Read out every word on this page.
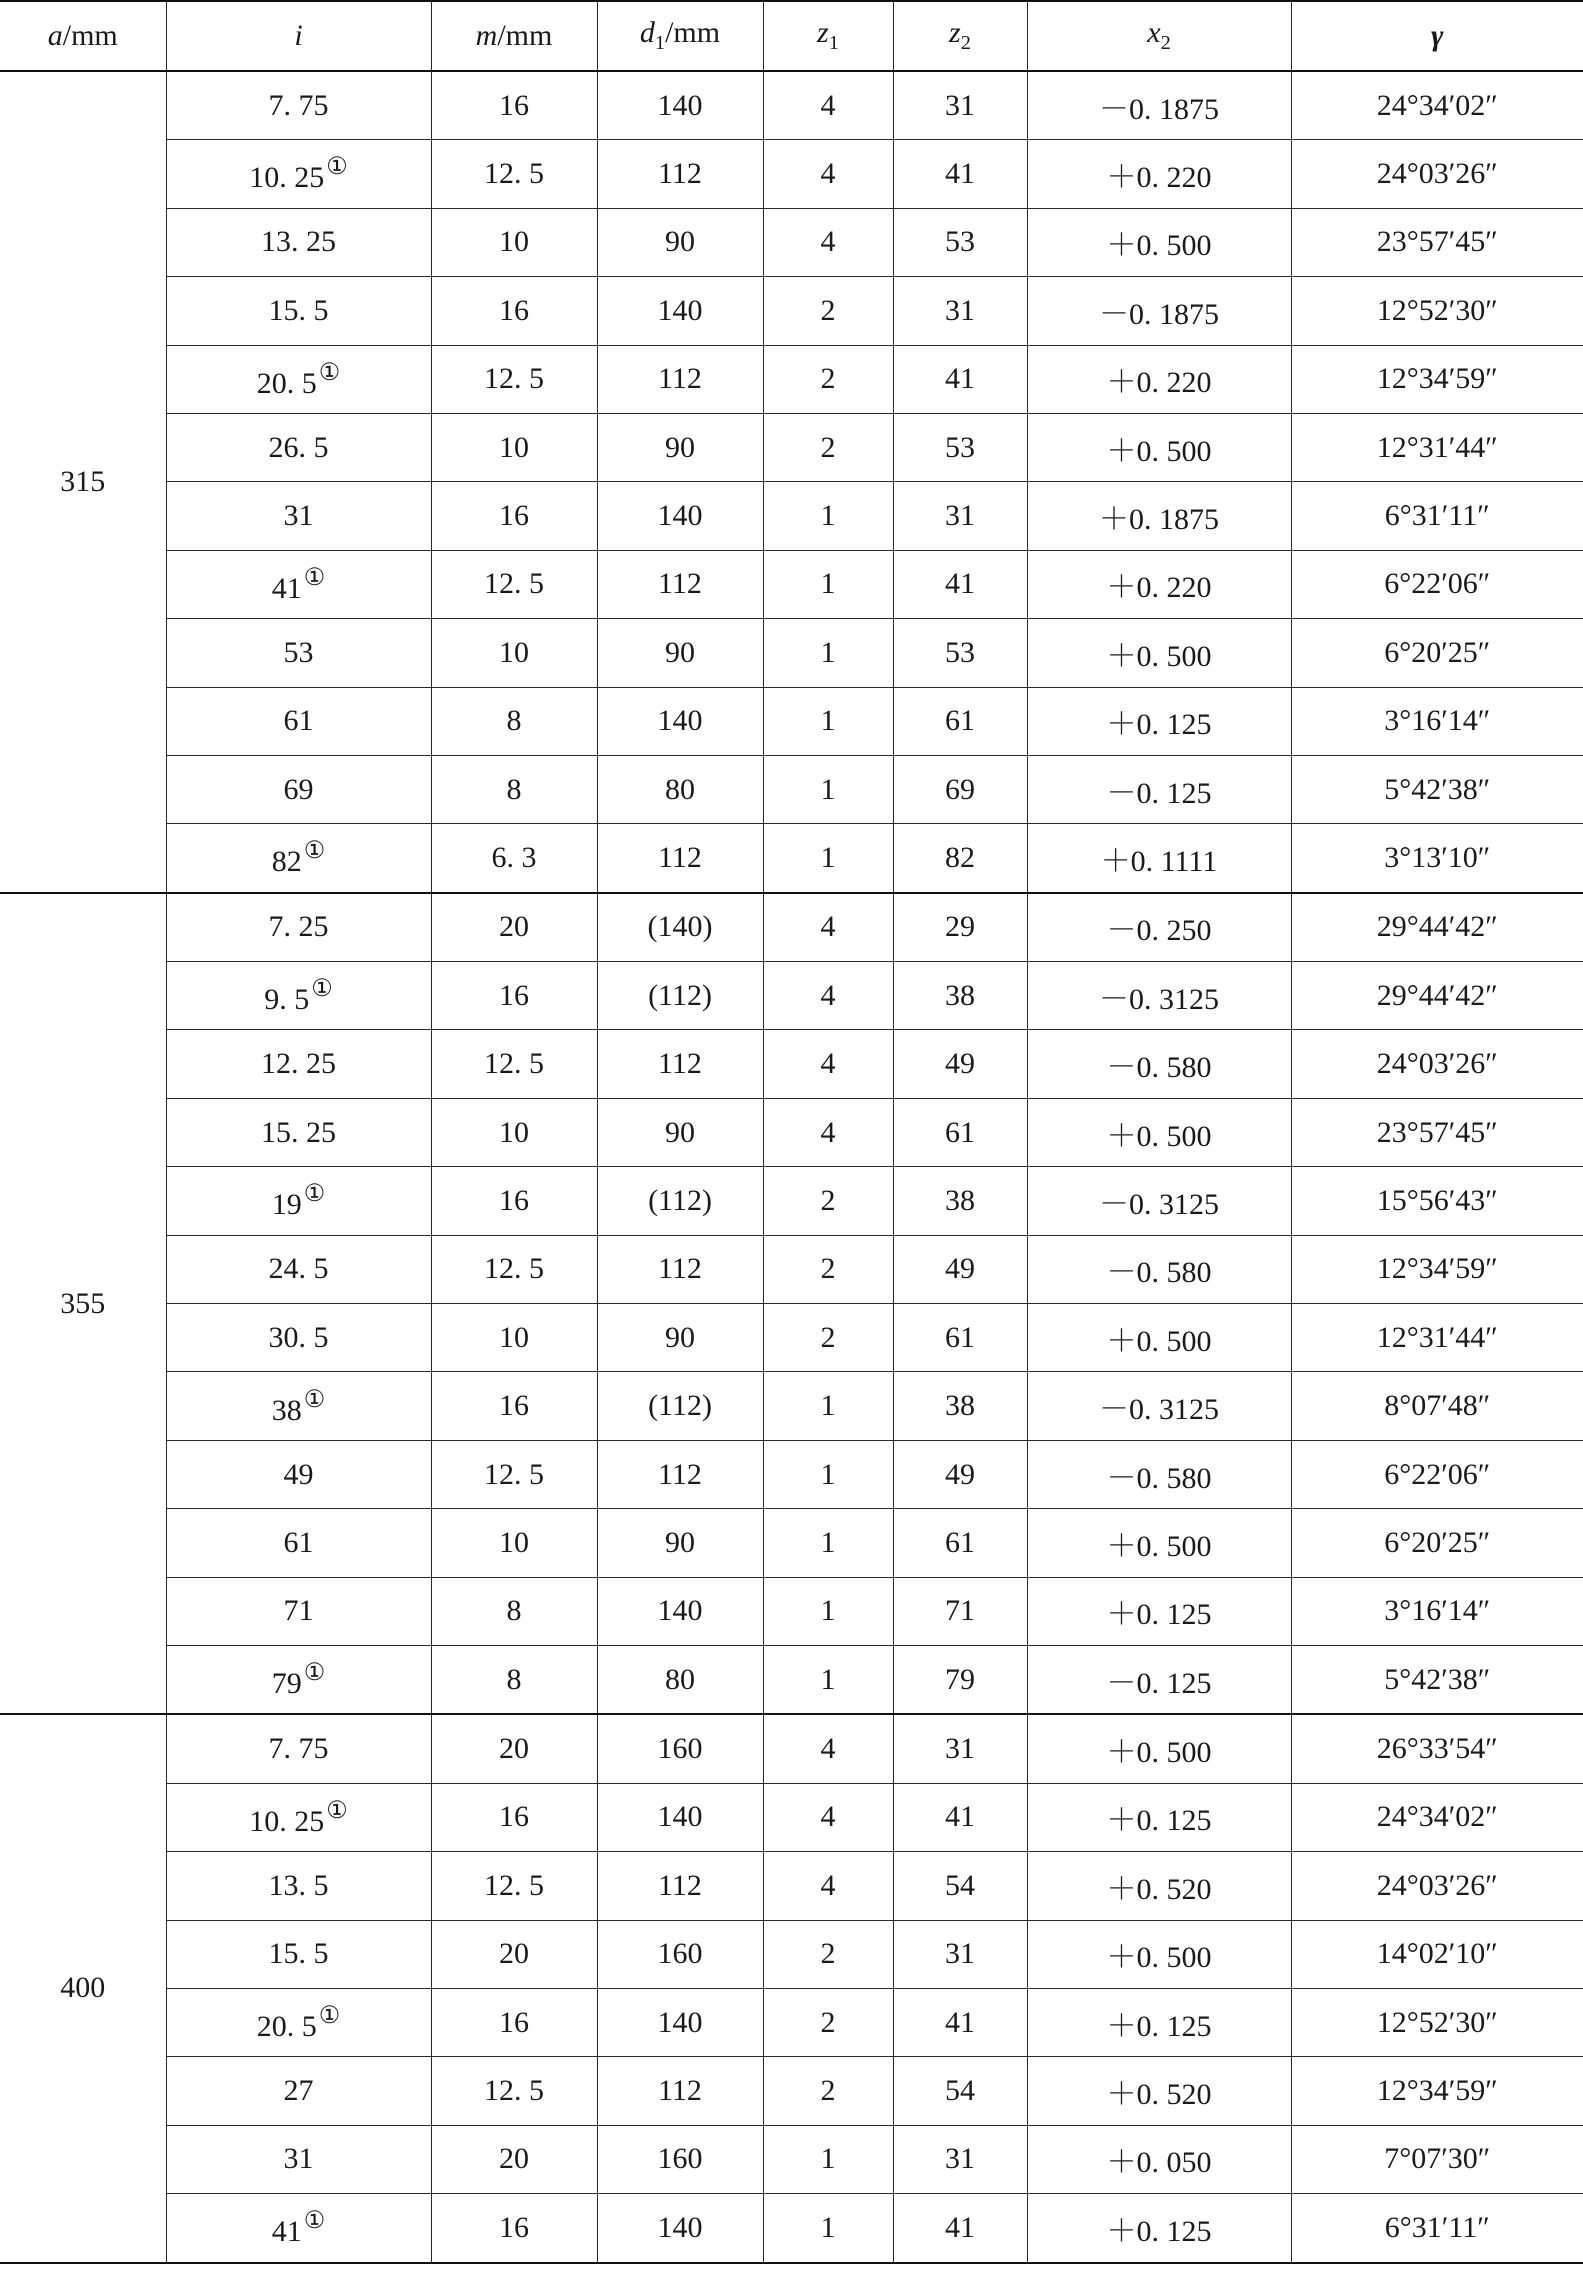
a/mm	i	m/mm	$d_1/mm$	$z_1$	$z_2$	$x_2$	γ
315	7. 75	16	140	4	31	－0. 1875	24°34′02″
	10. 25①	12. 5	112	4	41	＋0. 220	24°03′26″
	13. 25	10	90	4	53	＋0. 500	23°57′45″
	15. 5	16	140	2	31	－0. 1875	12°52′30″
	20. 5①	12. 5	112	2	41	＋0. 220	12°34′59″
	26. 5	10	90	2	53	＋0. 500	12°31′44″
	31	16	140	1	31	＋0. 1875	6°31′11″
	41①	12. 5	112	1	41	＋0. 220	6°22′06″
	53	10	90	1	53	＋0. 500	6°20′25″
	61	8	140	1	61	＋0. 125	3°16′14″
	69	8	80	1	69	－0. 125	5°42′38″
	82①	6. 3	112	1	82	＋0. 1111	3°13′10″
355	7. 25	20	(140)	4	29	－0. 250	29°44′42″
	9. 5①	16	(112)	4	38	－0. 3125	29°44′42″
	12. 25	12. 5	112	4	49	－0. 580	24°03′26″
	15. 25	10	90	4	61	＋0. 500	23°57′45″
	19①	16	(112)	2	38	－0. 3125	15°56′43″
	24. 5	12. 5	112	2	49	－0. 580	12°34′59″
	30. 5	10	90	2	61	＋0. 500	12°31′44″
	38①	16	(112)	1	38	－0. 3125	8°07′48″
	49	12. 5	112	1	49	－0. 580	6°22′06″
	61	10	90	1	61	＋0. 500	6°20′25″
	71	8	140	1	71	＋0. 125	3°16′14″
	79①	8	80	1	79	－0. 125	5°42′38″
400	7. 75	20	160	4	31	＋0. 500	26°33′54″
	10. 25①	16	140	4	41	＋0. 125	24°34′02″
	13. 5	12. 5	112	4	54	＋0. 520	24°03′26″
	15. 5	20	160	2	31	＋0. 500	14°02′10″
	20. 5①	16	140	2	41	＋0. 125	12°52′30″
	27	12. 5	112	2	54	＋0. 520	12°34′59″
	31	20	160	1	31	＋0. 050	7°07′30″
	41①	16	140	1	41	＋0. 125	6°31′11″
